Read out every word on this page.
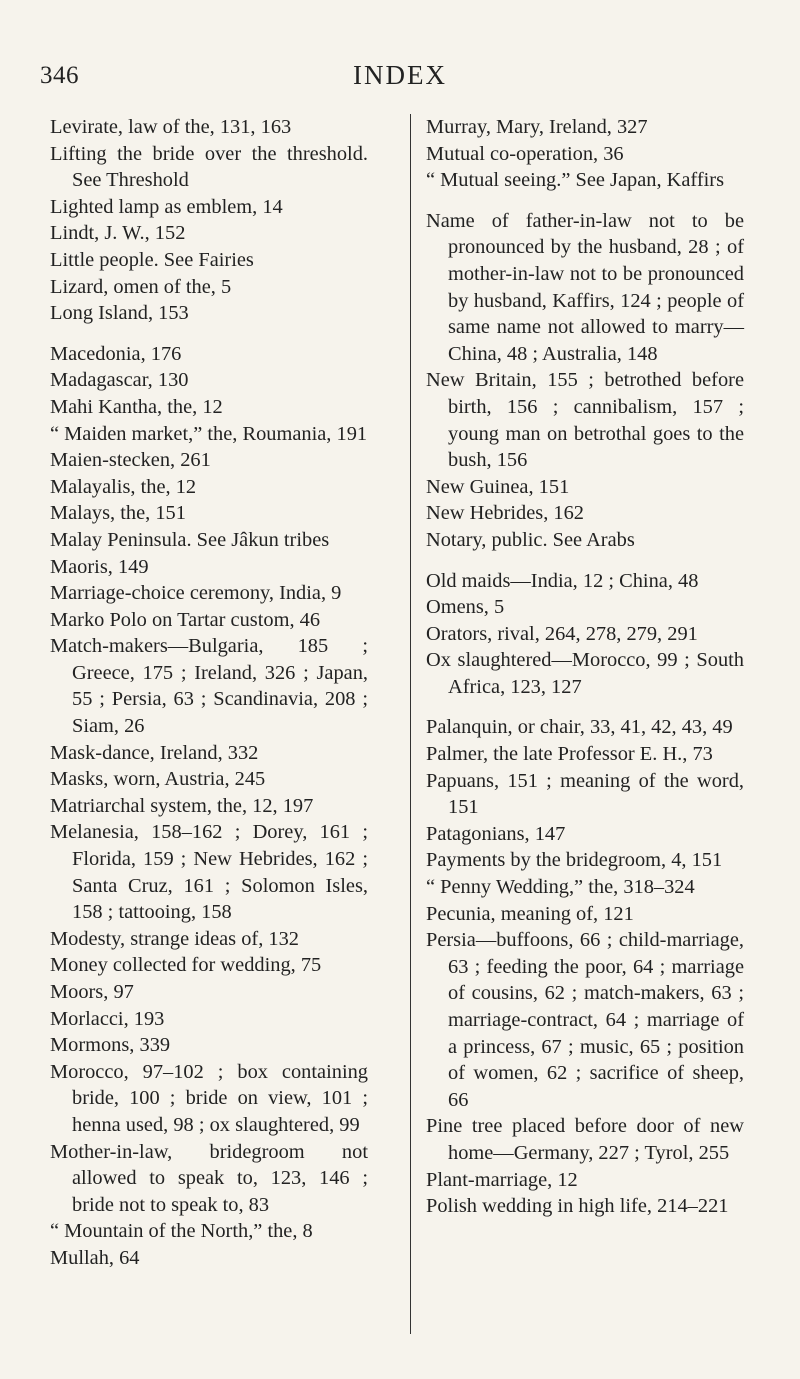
346	INDEX
Levirate, law of the, 131, 163
Lifting the bride over the threshold. See Threshold
Lighted lamp as emblem, 14
Lindt, J. W., 152
Little people. See Fairies
Lizard, omen of the, 5
Long Island, 153
Macedonia, 176
Madagascar, 130
Mahi Kantha, the, 12
“ Maiden market,” the, Roumania, 191
Maien-stecken, 261
Malayalis, the, 12
Malays, the, 151
Malay Peninsula. See Jâkun tribes
Maoris, 149
Marriage-choice ceremony, India, 9
Marko Polo on Tartar custom, 46
Match-makers—Bulgaria, 185 ; Greece, 175 ; Ireland, 326 ; Japan, 55 ; Persia, 63 ; Scandinavia, 208 ; Siam, 26
Mask-dance, Ireland, 332
Masks, worn, Austria, 245
Matriarchal system, the, 12, 197
Melanesia, 158–162 ; Dorey, 161 ; Florida, 159 ; New Hebrides, 162 ; Santa Cruz, 161 ; Solomon Isles, 158 ; tattooing, 158
Modesty, strange ideas of, 132
Money collected for wedding, 75
Moors, 97
Morlacci, 193
Mormons, 339
Morocco, 97–102 ; box containing bride, 100 ; bride on view, 101 ; henna used, 98 ; ox slaughtered, 99
Mother-in-law, bridegroom not allowed to speak to, 123, 146 ; bride not to speak to, 83
“ Mountain of the North,” the, 8
Mullah, 64
Murray, Mary, Ireland, 327
Mutual co-operation, 36
“ Mutual seeing.” See Japan, Kaffirs
Name of father-in-law not to be pronounced by the husband, 28 ; of mother-in-law not to be pronounced by husband, Kaffirs, 124 ; people of same name not allowed to marry—China, 48 ; Australia, 148
New Britain, 155 ; betrothed before birth, 156 ; cannibalism, 157 ; young man on betrothal goes to the bush, 156
New Guinea, 151
New Hebrides, 162
Notary, public. See Arabs
Old maids—India, 12 ; China, 48
Omens, 5
Orators, rival, 264, 278, 279, 291
Ox slaughtered—Morocco, 99 ; South Africa, 123, 127
Palanquin, or chair, 33, 41, 42, 43, 49
Palmer, the late Professor E. H., 73
Papuans, 151 ; meaning of the word, 151
Patagonians, 147
Payments by the bridegroom, 4, 151
“ Penny Wedding,” the, 318–324
Pecunia, meaning of, 121
Persia—buffoons, 66 ; child-marriage, 63 ; feeding the poor, 64 ; marriage of cousins, 62 ; match-makers, 63 ; marriage-contract, 64 ; marriage of a princess, 67 ; music, 65 ; position of women, 62 ; sacrifice of sheep, 66
Pine tree placed before door of new home—Germany, 227 ; Tyrol, 255
Plant-marriage, 12
Polish wedding in high life, 214–221
